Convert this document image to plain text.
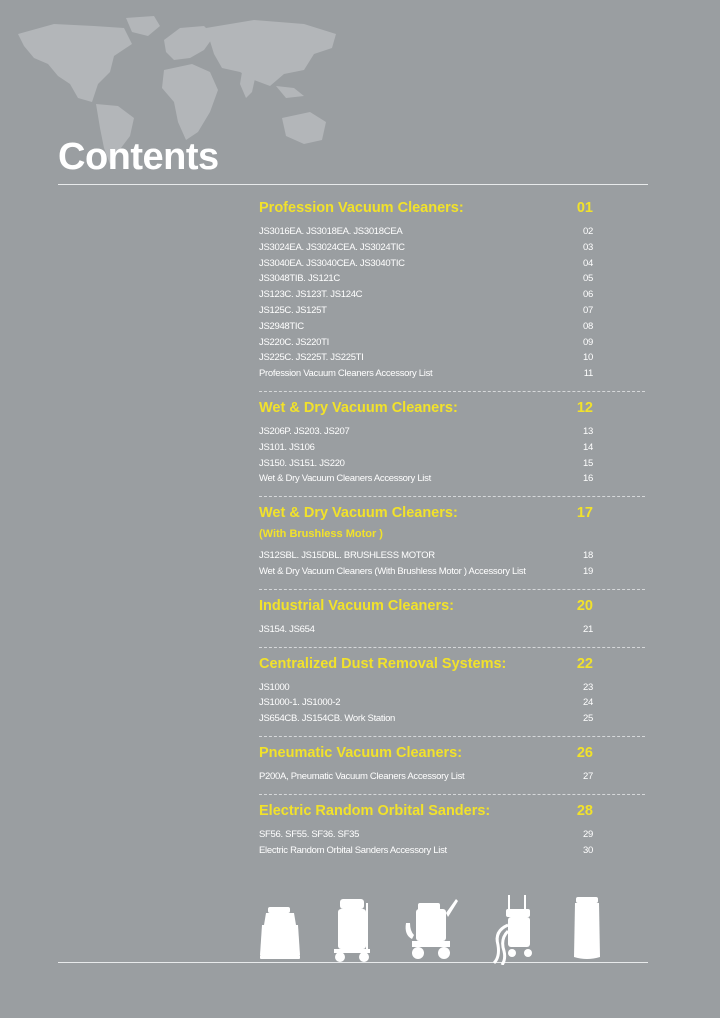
Contents
Profession Vacuum Cleaners:	01
JS3016EA. JS3018EA. JS3018CEA	02
JS3024EA. JS3024CEA. JS3024TIC	03
JS3040EA. JS3040CEA. JS3040TIC	04
JS3048TIB. JS121C	05
JS123C. JS123T. JS124C	06
JS125C. JS125T	07
JS2948TIC	08
JS220C. JS220TI	09
JS225C. JS225T. JS225TI	10
Profession Vacuum Cleaners Accessory List	11
Wet & Dry Vacuum Cleaners:	12
JS206P. JS203. JS207	13
JS101. JS106	14
JS150. JS151. JS220	15
Wet & Dry Vacuum Cleaners Accessory List	16
Wet & Dry Vacuum Cleaners:	17
(With Brushless Motor )
JS12SBL. JS15DBL. BRUSHLESS MOTOR	18
Wet & Dry Vacuum Cleaners (With Brushless Motor ) Accessory List	19
Industrial Vacuum Cleaners:	20
JS154. JS654	21
Centralized Dust Removal Systems:	22
JS1000	23
JS1000-1. JS1000-2	24
JS654CB. JS154CB. Work Station	25
Pneumatic Vacuum Cleaners:	26
P200A, Pneumatic Vacuum Cleaners Accessory List	27
Electric Random Orbital Sanders:	28
SF56. SF55. SF36. SF35	29
Electric Random Orbital Sanders Accessory List	30
